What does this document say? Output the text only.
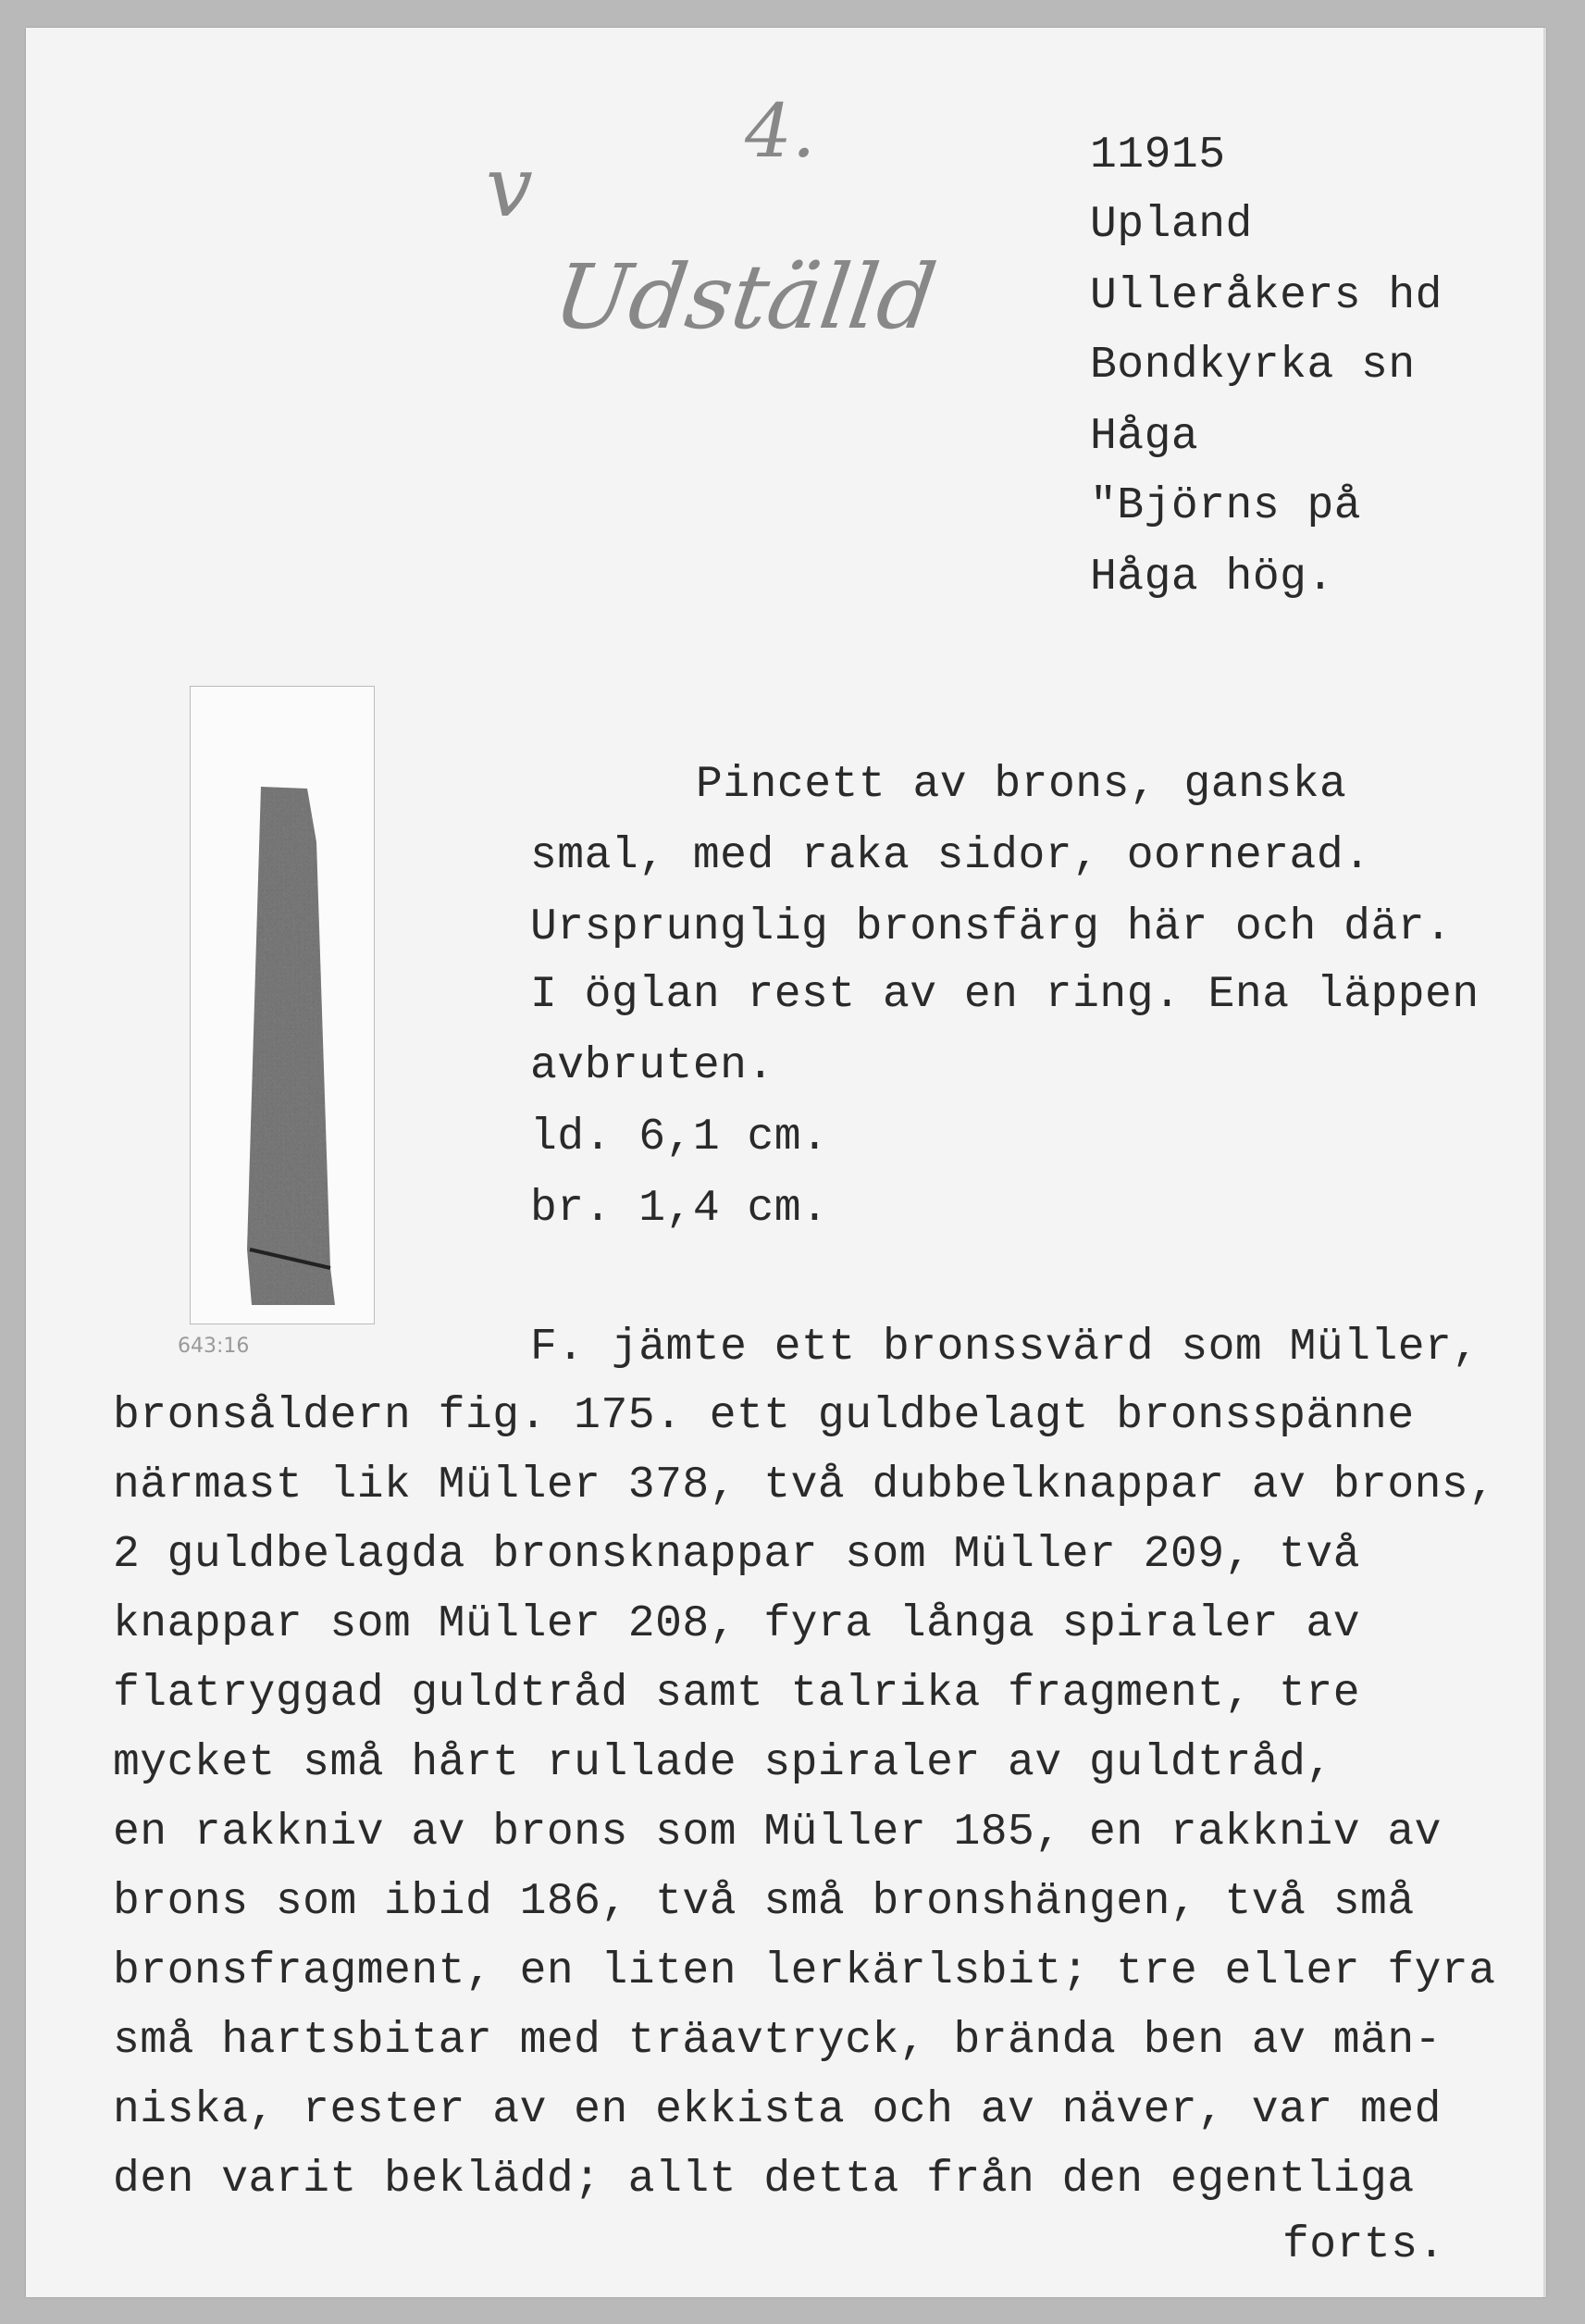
v
4.
Udställd
11915
Upland
Ulleråkers hd
Bondkyrka sn
Håga
"Björns på
Håga hög.
643:16
Pincett av brons, ganska
smal, med raka sidor, oornerad.
Ursprunglig bronsfärg här och där.
I öglan rest av en ring. Ena läppen
avbruten.
ld. 6,1 cm.
br. 1,4 cm.
F. jämte ett bronssvärd som Müller,
bronsåldern fig. 175. ett guldbelagt bronsspänne
närmast lik Müller 378, två dubbelknappar av brons,
2 guldbelagda bronsknappar som Müller 209, två
knappar som Müller 208, fyra långa spiraler av
flatryggad guldtråd samt talrika fragment, tre
mycket små hårt rullade spiraler av guldtråd,
en rakkniv av brons som Müller 185, en rakkniv av
brons som ibid 186, två små bronshängen, två små
bronsfragment, en liten lerkärlsbit; tre eller fyra
små hartsbitar med träavtryck, brända ben av män-
niska, rester av en ekkista och av näver, var med
den varit beklädd; allt detta från den egentliga
forts.
